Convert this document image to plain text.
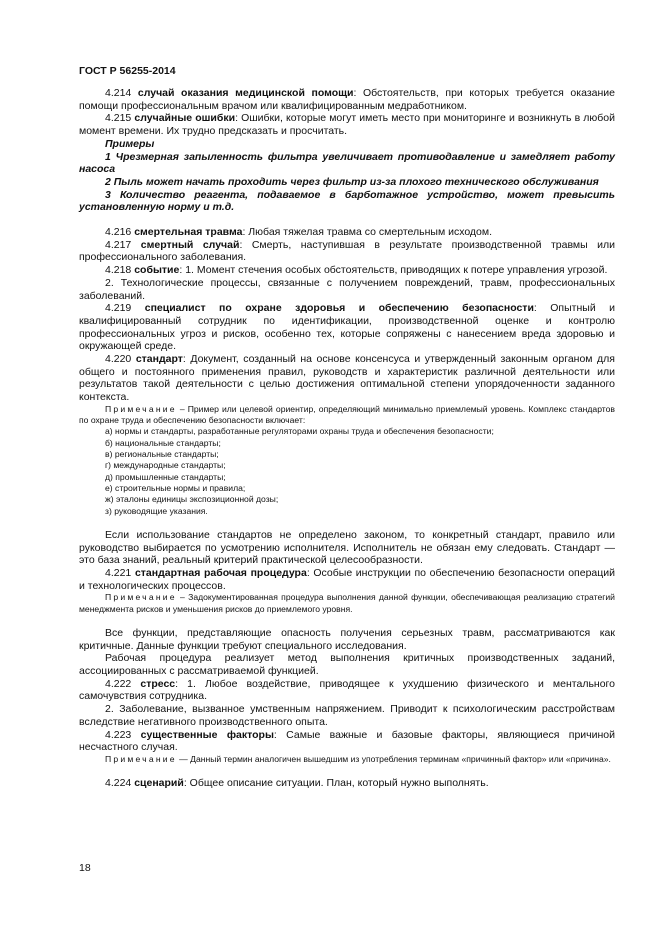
ГОСТ Р 56255-2014

4.214 случай оказания медицинской помощи: Обстоятельств, при которых требуется оказание помощи профессиональным врачом или квалифицированным медработником.

4.215 случайные ошибки: Ошибки, которые могут иметь место при мониторинге и возникнуть в любой момент времени. Их трудно предсказать и просчитать.

Примеры

1 Чрезмерная запыленность фильтра увеличивает противодавление и замедляет работу насоса

2 Пыль может начать проходить через фильтр из-за плохого технического обслуживания

3 Количество реагента, подаваемое в барботажное устройство, может превысить установленную норму и т.д.

4.216 смертельная травма: Любая тяжелая травма со смертельным исходом.

4.217 смертный случай: Смерть, наступившая в результате производственной травмы или профессионального заболевания.

4.218 событие: 1. Момент стечения особых обстоятельств, приводящих к потере управления угрозой.

2. Технологические процессы, связанные с получением повреждений, травм, профессиональных заболеваний.

4.219 специалист по охране здоровья и обеспечению безопасности: Опытный и квалифицированный сотрудник по идентификации, производственной оценке и контролю профессиональных угроз и рисков, особенно тех, которые сопряжены с нанесением вреда здоровью и окружающей среде.

4.220 стандарт: Документ, созданный на основе консенсуса и утвержденный законным органом для общего и постоянного применения правил, руководств и характеристик различной деятельности или результатов такой деятельности с целью достижения оптимальной степени упорядоченности заданного контекста.

Примечание – Пример или целевой ориентир, определяющий минимально приемлемый уровень. Комплекс стандартов по охране труда и обеспечению безопасности включает:

а) нормы и стандарты, разработанные регуляторами охраны труда и обеспечения безопасности;
б) национальные стандарты;
в) региональные стандарты;
г) международные стандарты;
д) промышленные стандарты;
е) строительные нормы и правила;
ж) эталоны единицы экспозиционной дозы;
з) руководящие указания.

Если использование стандартов не определено законом, то конкретный стандарт, правило или руководство выбирается по усмотрению исполнителя. Исполнитель не обязан ему следовать. Стандарт — это база знаний, реальный критерий практической целесообразности.

4.221 стандартная рабочая процедура: Особые инструкции по обеспечению безопасности операций и технологических процессов.

Примечание – Задокументированная процедура выполнения данной функции, обеспечивающая реализацию стратегий менеджмента рисков и уменьшения рисков до приемлемого уровня.

Все функции, представляющие опасность получения серьезных травм, рассматриваются как критичные. Данные функции требуют специального исследования.

Рабочая процедура реализует метод выполнения критичных производственных заданий, ассоциированных с рассматриваемой функцией.

4.222 стресс: 1. Любое воздействие, приводящее к ухудшению физического и ментального самочувствия сотрудника.

2. Заболевание, вызванное умственным напряжением. Приводит к психологическим расстройствам вследствие негативного производственного опыта.

4.223 существенные факторы: Самые важные и базовые факторы, являющиеся причиной несчастного случая.

Примечание — Данный термин аналогичен вышедшим из употребления терминам «причинный фактор» или «причина».

4.224 сценарий: Общее описание ситуации. План, который нужно выполнять.

18
